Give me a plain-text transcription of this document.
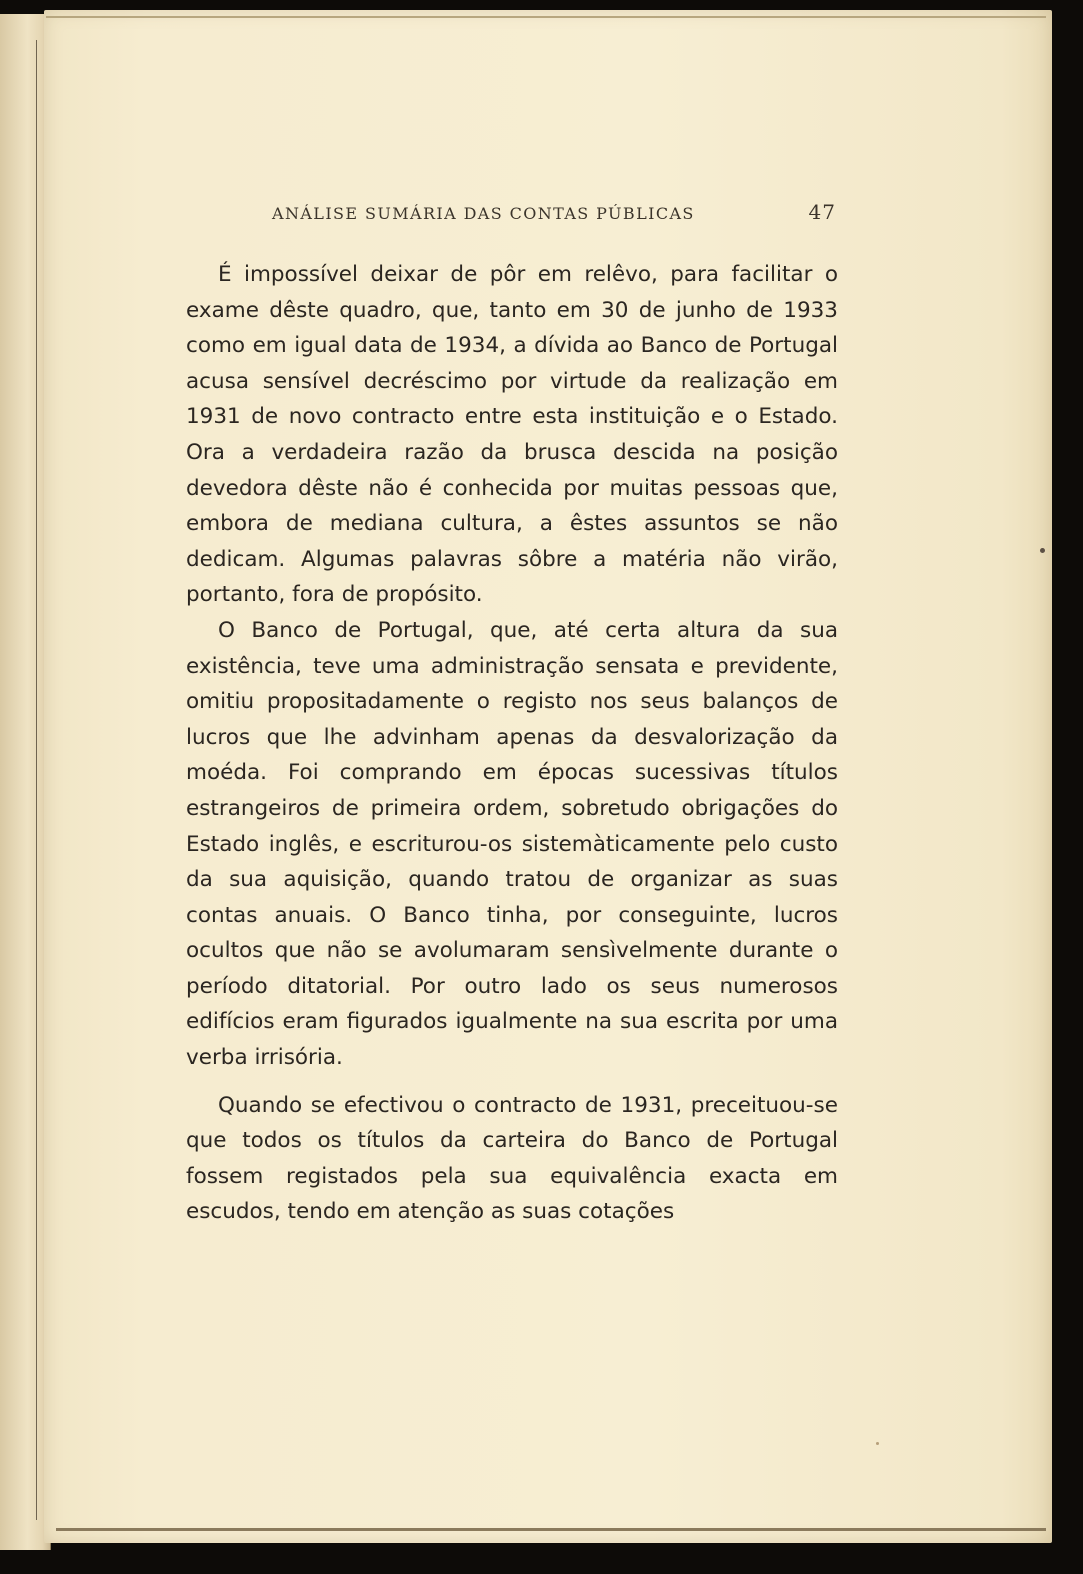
ANÁLISE SUMÁRIA DAS CONTAS PÚBLICAS	47

É impossível deixar de pôr em relêvo, para facilitar o exame dêste quadro, que, tanto em 30 de junho de 1933 como em igual data de 1934, a dívida ao Banco de Portugal acusa sensível decréscimo por virtude da realização em 1931 de novo contracto entre esta instituição e o Estado. Ora a verdadeira razão da brusca descida na posição devedora dêste não é conhecida por muitas pessoas que, embora de mediana cultura, a êstes assuntos se não dedicam. Algumas palavras sôbre a matéria não virão, portanto, fora de propósito.

O Banco de Portugal, que, até certa altura da sua existência, teve uma administração sensata e previdente, omitiu propositadamente o registo nos seus balanços de lucros que lhe advinham apenas da desvalorização da moéda. Foi comprando em épocas sucessivas títulos estrangeiros de primeira ordem, sobretudo obrigações do Estado inglês, e escriturou-os sistemàticamente pelo custo da sua aquisição, quando tratou de organizar as suas contas anuais. O Banco tinha, por conseguinte, lucros ocultos que não se avolumaram sensìvelmente durante o período ditatorial. Por outro lado os seus numerosos edifícios eram figurados igualmente na sua escrita por uma verba irrisória.

Quando se efectivou o contracto de 1931, preceituou-se que todos os títulos da carteira do Banco de Portugal fossem registados pela sua equivalência exacta em escudos, tendo em atenção as suas cotações
